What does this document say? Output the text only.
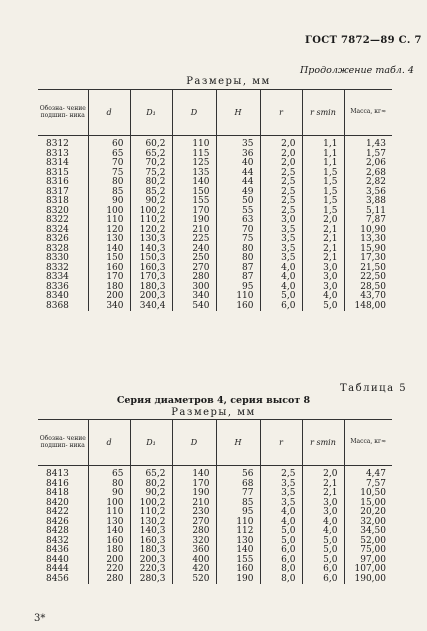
ГОСТ 7872—89 С. 7
Продолжение табл. 4
Размеры, мм
Обозна- чение подшип- ника	d	D₁	D	H	r	r smin	Масса, кг≈

8312	60	60,2	110	35	2,0	1,1	1,43
8313	65	65,2	115	36	2,0	1,1	1,57
8314	70	70,2	125	40	2,0	1,1	2,06
8315	75	75,2	135	44	2,5	1,5	2,68
8316	80	80,2	140	44	2,5	1,5	2,82
8317	85	85,2	150	49	2,5	1,5	3,56
8318	90	90,2	155	50	2,5	1,5	3,88
8320	100	100,2	170	55	2,5	1,5	5,11
8322	110	110,2	190	63	3,0	2,0	7,87
8324	120	120,2	210	70	3,5	2,1	10,90
8326	130	130,3	225	75	3,5	2,1	13,30
8328	140	140,3	240	80	3,5	2,1	15,90
8330	150	150,3	250	80	3,5	2,1	17,30
8332	160	160,3	270	87	4,0	3,0	21,50
8334	170	170,3	280	87	4,0	3,0	22,50
8336	180	180,3	300	95	4,0	3,0	28,50
8340	200	200,3	340	110	5,0	4,0	43,70
8368	340	340,4	540	160	6,0	5,0	148,00
Таблица 5
Серия диаметров 4, серия высот 8
Размеры, мм
Обозна- чение подшип- ника	d	D₁	D	H	r	r smin	Масса, кг≈

8413	65	65,2	140	56	2,5	2,0	4,47
8416	80	80,2	170	68	3,5	2,1	7,57
8418	90	90,2	190	77	3,5	2,1	10,50
8420	100	100,2	210	85	3,5	3,0	15,00
8422	110	110,2	230	95	4,0	3,0	20,20
8426	130	130,2	270	110	4,0	4,0	32,00
8428	140	140,3	280	112	5,0	4,0	34,50
8432	160	160,3	320	130	5,0	5,0	52,00
8436	180	180,3	360	140	6,0	5,0	75,00
8440	200	200,3	400	155	6,0	5,0	97,00
8444	220	220,3	420	160	8,0	6,0	107,00
8456	280	280,3	520	190	8,0	6,0	190,00
3*
